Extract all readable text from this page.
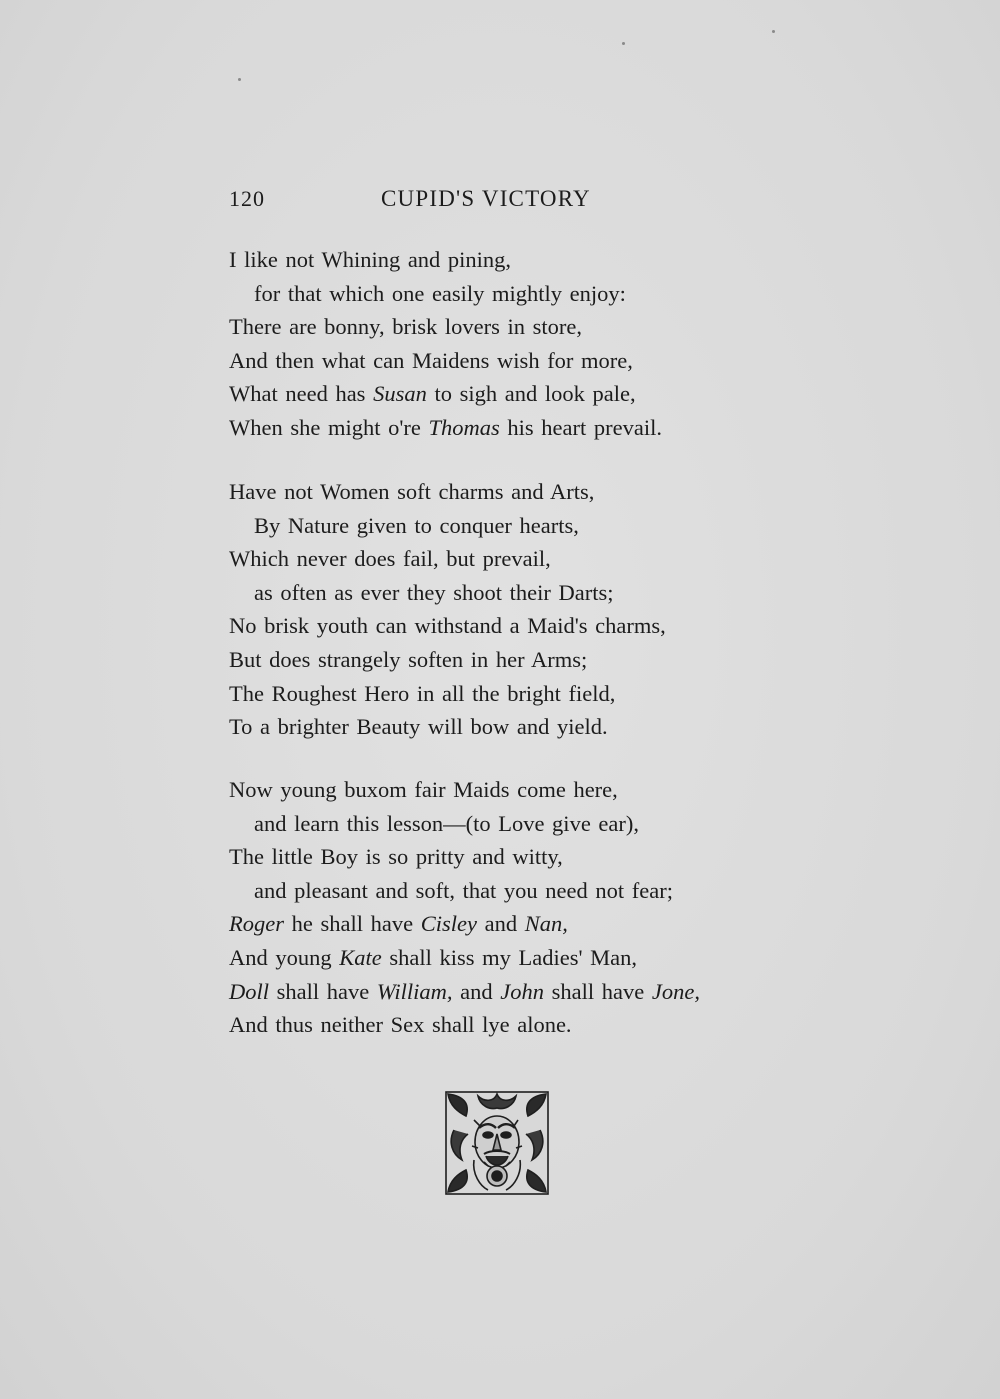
120	CUPID'S VICTORY
I like not Whining and pining,
for that which one easily mightly enjoy:
There are bonny, brisk lovers in store,
And then what can Maidens wish for more,
What need has Susan to sigh and look pale,
When she might o're Thomas his heart prevail.
Have not Women soft charms and Arts,
By Nature given to conquer hearts,
Which never does fail, but prevail,
as often as ever they shoot their Darts;
No brisk youth can withstand a Maid's charms,
But does strangely soften in her Arms;
The Roughest Hero in all the bright field,
To a brighter Beauty will bow and yield.
Now young buxom fair Maids come here,
and learn this lesson—(to Love give ear),
The little Boy is so pritty and witty,
and pleasant and soft, that you need not fear;
Roger he shall have Cisley and Nan,
And young Kate shall kiss my Ladies' Man,
Doll shall have William, and John shall have Jone,
And thus neither Sex shall lye alone.
